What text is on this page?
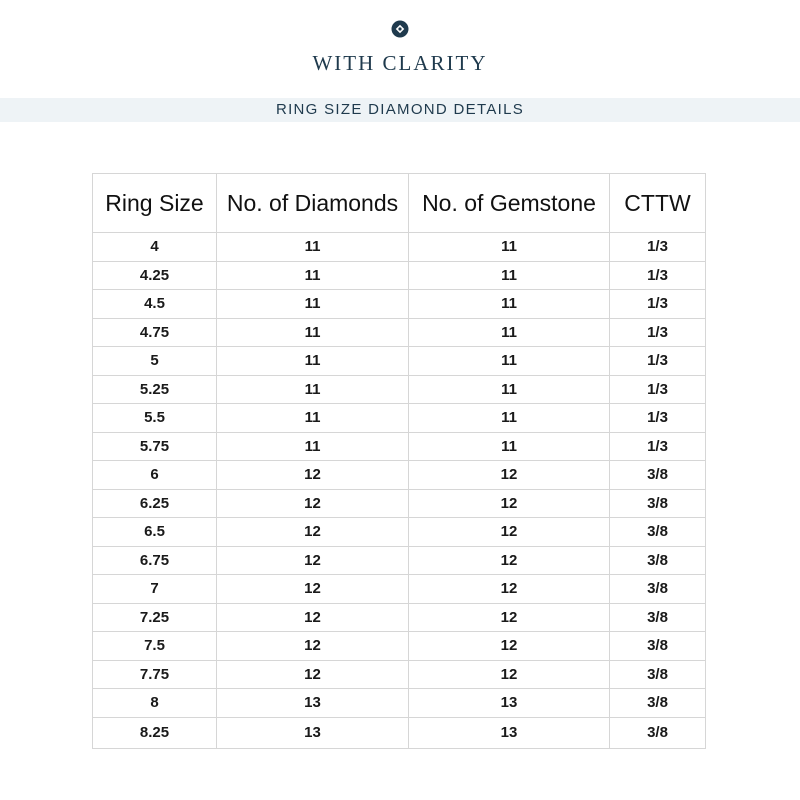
WITH CLARITY
RING SIZE DIAMOND DETAILS
Ring Size	No. of Diamonds	No. of Gemstone	CTTW
4	11	11	1/3
4.25	11	11	1/3
4.5	11	11	1/3
4.75	11	11	1/3
5	11	11	1/3
5.25	11	11	1/3
5.5	11	11	1/3
5.75	11	11	1/3
6	12	12	3/8
6.25	12	12	3/8
6.5	12	12	3/8
6.75	12	12	3/8
7	12	12	3/8
7.25	12	12	3/8
7.5	12	12	3/8
7.75	12	12	3/8
8	13	13	3/8
8.25	13	13	3/8
